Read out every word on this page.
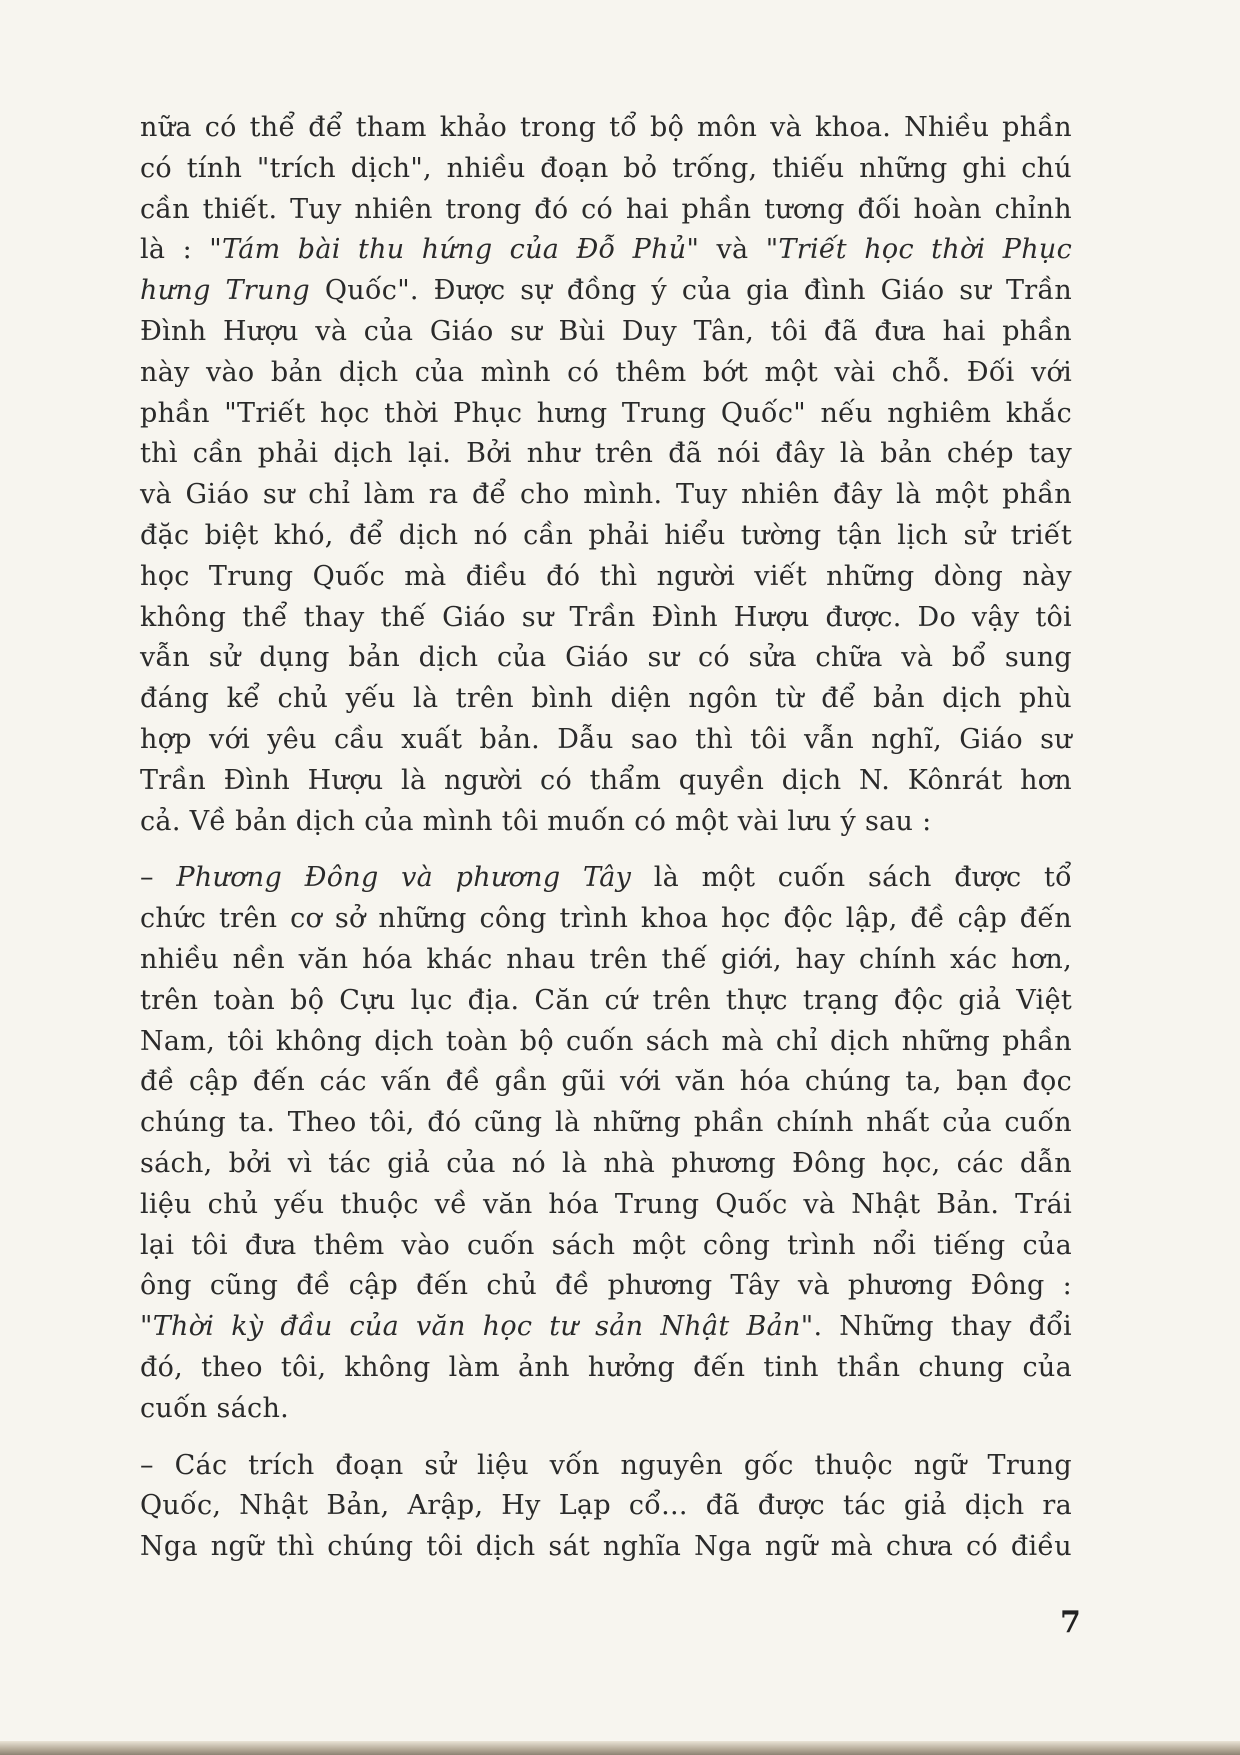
nữa có thể để tham khảo trong tổ bộ môn và khoa. Nhiều phần
có tính "trích dịch", nhiều đoạn bỏ trống, thiếu những ghi chú
cần thiết. Tuy nhiên trong đó có hai phần tương đối hoàn chỉnh
là : "Tám bài thu hứng của Đỗ Phủ" và "Triết học thời Phục
hưng Trung Quốc". Được sự đồng ý của gia đình Giáo sư Trần
Đình Hượu và của Giáo sư Bùi Duy Tân, tôi đã đưa hai phần
này vào bản dịch của mình có thêm bớt một vài chỗ. Đối với
phần "Triết học thời Phục hưng Trung Quốc" nếu nghiêm khắc
thì cần phải dịch lại. Bởi như trên đã nói đây là bản chép tay
và Giáo sư chỉ làm ra để cho mình. Tuy nhiên đây là một phần
đặc biệt khó, để dịch nó cần phải hiểu tường tận lịch sử triết
học Trung Quốc mà điều đó thì người viết những dòng này
không thể thay thế Giáo sư Trần Đình Hượu được. Do vậy tôi
vẫn sử dụng bản dịch của Giáo sư có sửa chữa và bổ sung
đáng kể chủ yếu là trên bình diện ngôn từ để bản dịch phù
hợp với yêu cầu xuất bản. Dẫu sao thì tôi vẫn nghĩ, Giáo sư
Trần Đình Hượu là người có thẩm quyền dịch N. Kônrát hơn
cả. Về bản dịch của mình tôi muốn có một vài lưu ý sau :

– Phương Đông và phương Tây là một cuốn sách được tổ
chức trên cơ sở những công trình khoa học độc lập, đề cập đến
nhiều nền văn hóa khác nhau trên thế giới, hay chính xác hơn,
trên toàn bộ Cựu lục địa. Căn cứ trên thực trạng độc giả Việt
Nam, tôi không dịch toàn bộ cuốn sách mà chỉ dịch những phần
đề cập đến các vấn đề gần gũi với văn hóa chúng ta, bạn đọc
chúng ta. Theo tôi, đó cũng là những phần chính nhất của cuốn
sách, bởi vì tác giả của nó là nhà phương Đông học, các dẫn
liệu chủ yếu thuộc về văn hóa Trung Quốc và Nhật Bản. Trái
lại tôi đưa thêm vào cuốn sách một công trình nổi tiếng của
ông cũng đề cập đến chủ đề phương Tây và phương Đông :
"Thời kỳ đầu của văn học tư sản Nhật Bản". Những thay đổi
đó, theo tôi, không làm ảnh hưởng đến tinh thần chung của
cuốn sách.

– Các trích đoạn sử liệu vốn nguyên gốc thuộc ngữ Trung
Quốc, Nhật Bản, Arập, Hy Lạp cổ... đã được tác giả dịch ra
Nga ngữ thì chúng tôi dịch sát nghĩa Nga ngữ mà chưa có điều

7
